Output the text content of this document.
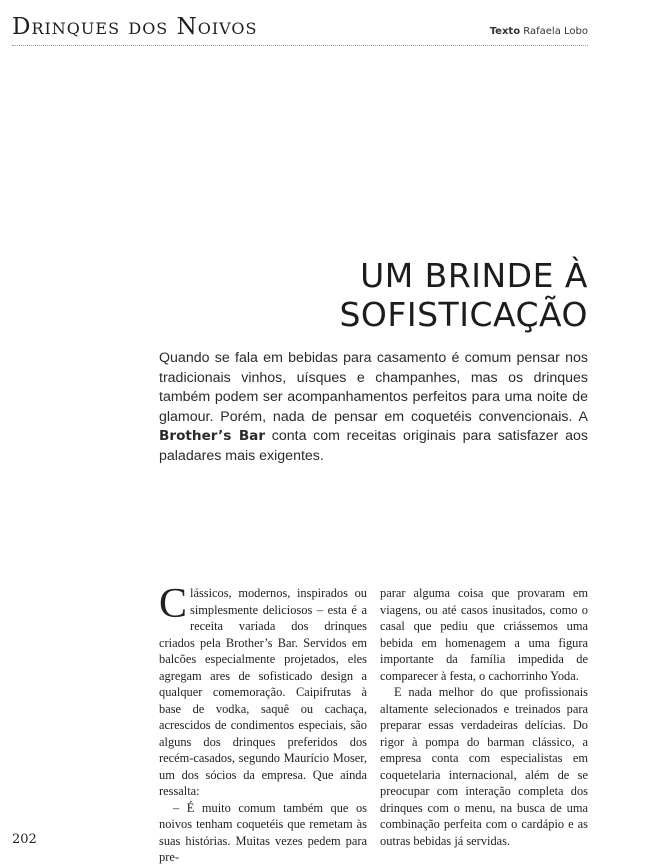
Drinques dos Noivos	Texto Rafaela Lobo
UM BRINDE À
SOFISTICAÇÃO
Quando se fala em bebidas para casamento é comum pensar nos tradicionais vinhos, uísques e champanhes, mas os drinques também podem ser acompanhamentos perfeitos para uma noite de glamour. Porém, nada de pensar em coquetéis convencionais. A Brother’s Bar conta com receitas originais para satisfazer aos paladares mais exigentes.

Clássicos, modernos, inspirados ou simplesmente deliciosos – esta é a receita variada dos drinques criados pela Brother’s Bar. Servidos em balcões especialmente projetados, eles agregam ares de sofisticado design a qualquer comemoração. Caipifrutas à base de vodka, saquê ou cachaça, acrescidos de condimentos especiais, são alguns dos drinques preferidos dos recém-casados, segundo Maurício Moser, um dos sócios da empresa. Que ainda ressalta:

– É muito comum também que os noivos tenham coquetéis que remetam às suas histórias. Muitas vezes pedem para pre-

parar alguma coisa que provaram em viagens, ou até casos inusitados, como o casal que pediu que criássemos uma bebida em homenagem a uma figura importante da família impedida de comparecer à festa, o cachorrinho Yoda.

E nada melhor do que profissionais altamente selecionados e treinados para preparar essas verdadeiras delícias. Do rigor à pompa do barman clássico, a empresa conta com especialistas em coquetelaria internacional, além de se preocupar com interação completa dos drinques com o menu, na busca de uma combinação perfeita com o cardápio e as outras bebidas já servidas.

202
